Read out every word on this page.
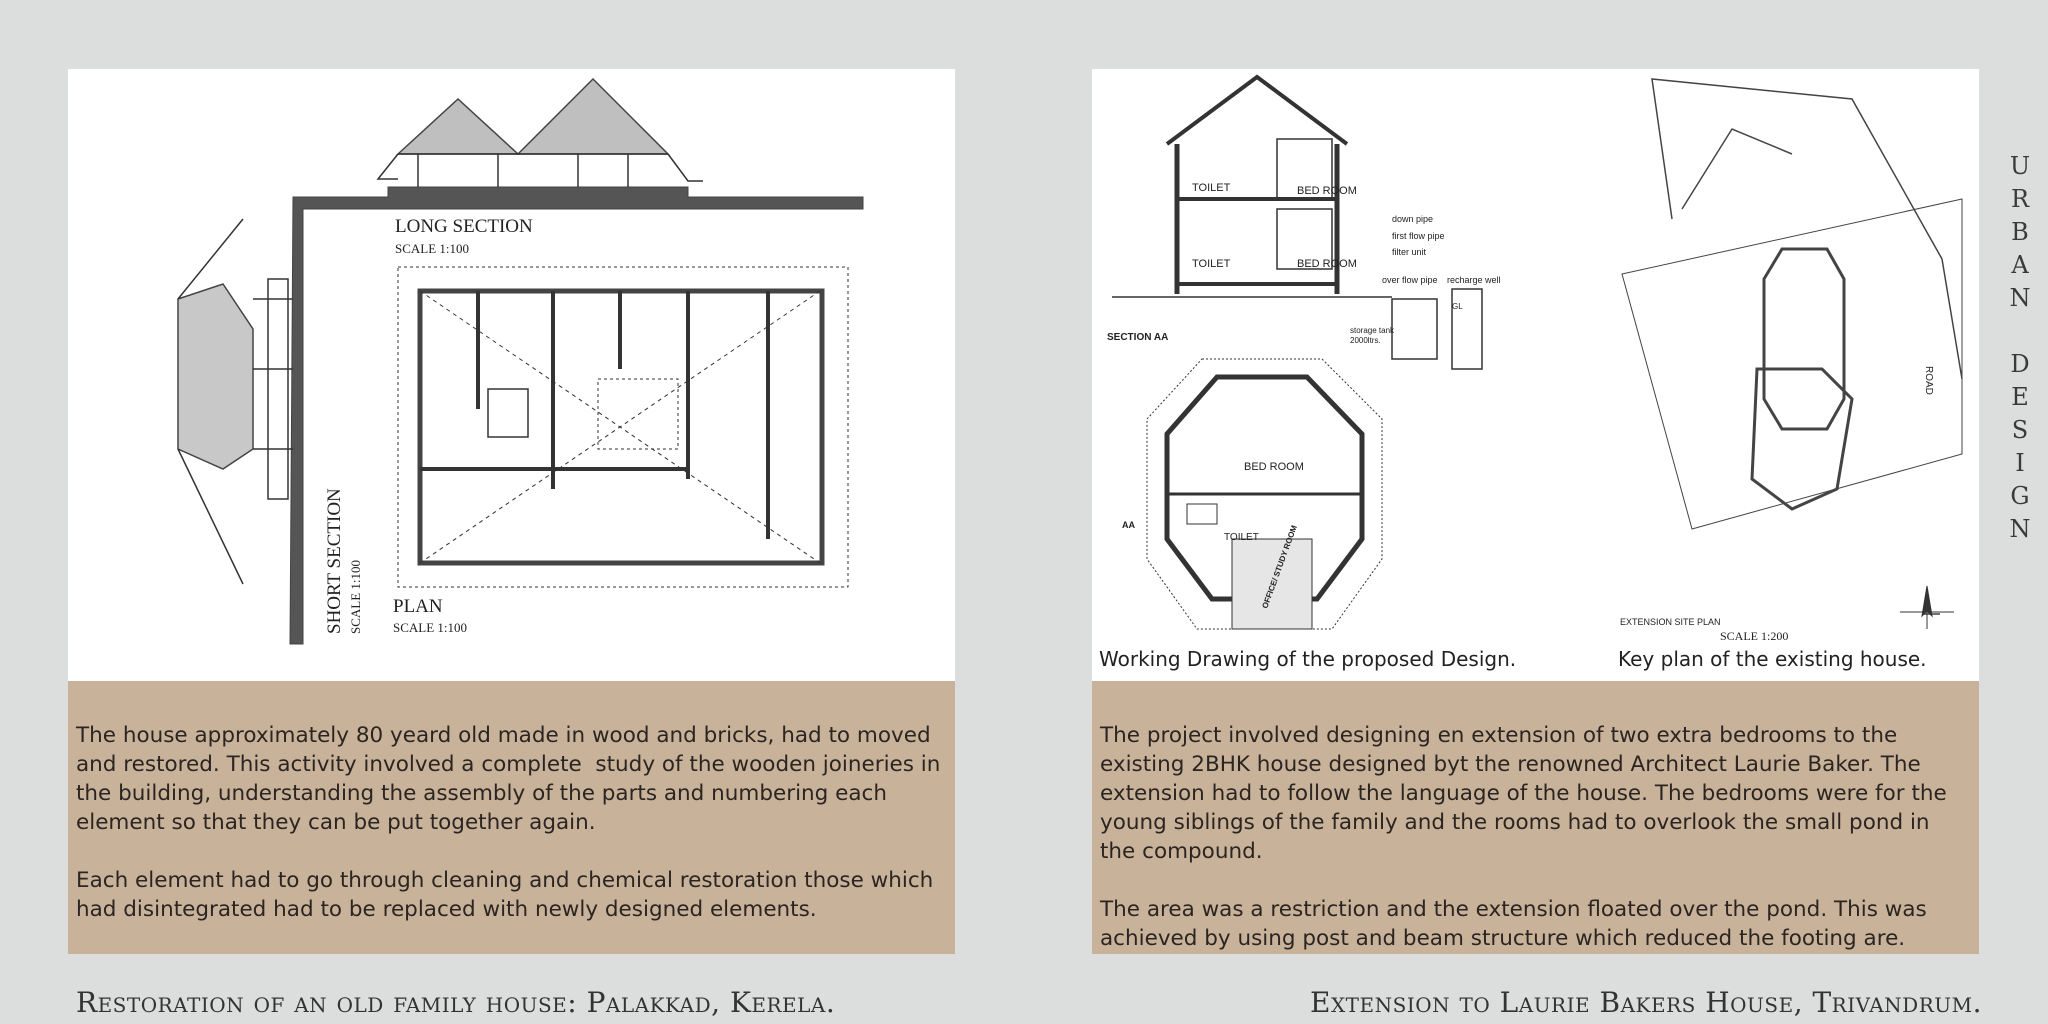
LONG SECTION
SCALE 1:100
PLAN
SCALE 1:100
SHORT SECTION SCALE 1:100

The house approximately 80 yeard old made in wood and bricks, had to moved and restored. This activity involved a complete  study of the wooden joineries in the building, understanding the assembly of the parts and numbering each element so that they can be put together again.

Each element had to go through cleaning and chemical restoration those which had disintegrated had to be replaced with newly designed elements.

TOILET
TOILET
BED ROOM
BED ROOM
down pipe
first flow pipe
filter unit
over flow pipe recharge well
storage tank
2000ltrs.
GL
SECTION AA
BED ROOM
TOILET OFFICE/ STUDY ROOM
AA
ROAD
EXTENSION SITE PLAN
SCALE 1:200
Working Drawing of the proposed Design.	Key plan of the existing house.

The project involved designing en extension of two extra bedrooms to the existing 2BHK house designed byt the renowned Architect Laurie Baker. The extension had to follow the language of the house. The bedrooms were for the young siblings of the family and the rooms had to overlook the small pond in the compound.

The area was a restriction and the extension floated over the pond. This was achieved by using post and beam structure which reduced the footing are.

Restoration of an old family house: Palakkad, Kerela.	Extension to Laurie Bakers House, Trivandrum.
U
R
B
A
N

D
E
S
I
G
N
